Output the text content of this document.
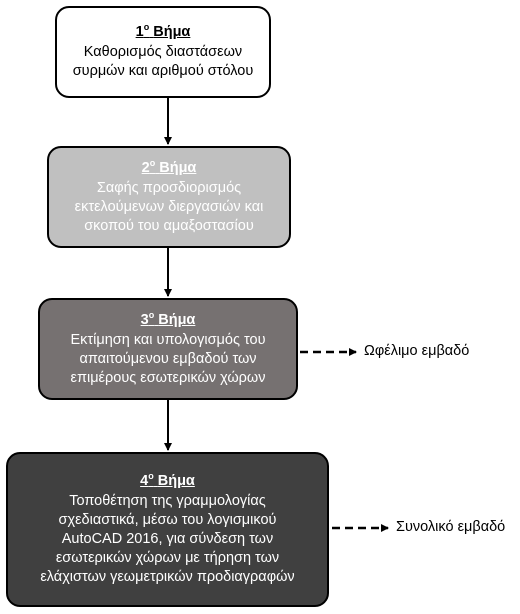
$1^o$ Βήμα
Καθορισμός διαστάσεων
συρμών και αριθμού στόλου
$2^o$ Βήμα
Σαφής προσδιορισμός
εκτελούμενων διεργασιών και
σκοπού του αμαξοστασίου
$3^o$ Βήμα
Εκτίμηση και υπολογισμός του
απαιτούμενου εμβαδού των
επιμέρους εσωτερικών χώρων
$4^o$ Βήμα
Τοποθέτηση της γραμμολογίας
σχεδιαστικά, μέσω του λογισμικού
AutoCAD 2016, για σύνδεση των
εσωτερικών χώρων με τήρηση των
ελάχιστων γεωμετρικών προδιαγραφών
Ωφέλιμο εμβαδό
Συνολικό εμβαδό
